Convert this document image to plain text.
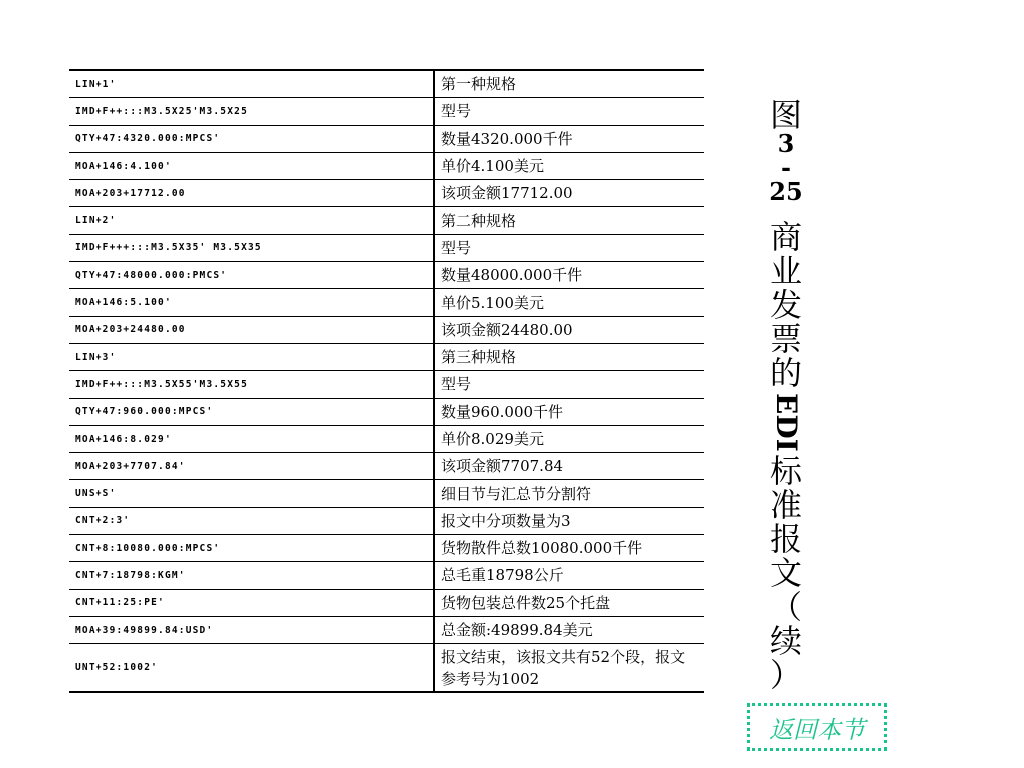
LIN+1'	第一种规格
IMD+F++:::M3.5X25'M3.5X25	型号
QTY+47:4320.000:MPCS'	数量4320.000千件
MOA+146:4.100'	单价4.100美元
MOA+203+17712.00	该项金额17712.00
LIN+2'	第二种规格
IMD+F+++:::M3.5X35' M3.5X35	型号
QTY+47:48000.000:PMCS'	数量48000.000千件
MOA+146:5.100'	单价5.100美元
MOA+203+24480.00	该项金额24480.00
LIN+3'	第三种规格
IMD+F++:::M3.5X55'M3.5X55	型号
QTY+47:960.000:MPCS'	数量960.000千件
MOA+146:8.029'	单价8.029美元
MOA+203+7707.84'	该项金额7707.84
UNS+S'	细目节与汇总节分割符
CNT+2:3'	报文中分项数量为3
CNT+8:10080.000:MPCS'	货物散件总数10080.000千件
CNT+7:18798:KGM'	总毛重18798公斤
CNT+11:25:PE'	货物包装总件数25个托盘
MOA+39:49899.84:USD'	总金额:49899.84美元
UNT+52:1002'	报文结束，该报文共有52个段，报文参考号为1002
图
3
-
25
商
业
发
票
的
EDI
标
准
报
文
（
续
）
返回本节
